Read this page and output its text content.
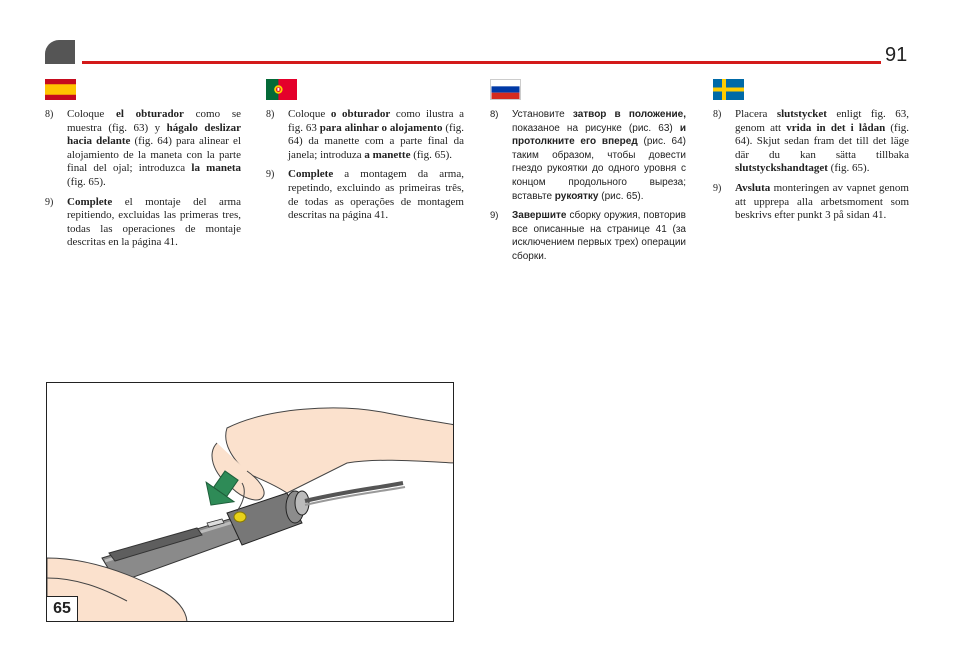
91
8) Coloque el obturador como se muestra (fig. 63) y hágalo deslizar hacia delante (fig. 64) para alinear el alojamiento de la maneta con la parte final del ojal; introduzca la maneta (fig. 65).
9) Complete el montaje del arma repitiendo, excluidas las primeras tres, todas las operaciones de montaje descritas en la página 41.
8) Coloque o obturador como ilustra a fig. 63 para alinhar o alojamento (fig. 64) da manette com a parte final da janela; introduza a manette (fig. 65).
9) Complete a montagem da arma, repetindo, excluindo as primeiras três, de todas as operações de montagem descritas na página 41.
8) Установите затвор в положение, показаное на рисунке (рис. 63) и протолкните его вперед (рис. 64) таким образом, чтобы довести гнездо рукоятки до одного уровня с концом продольного выреза; вставьте рукоятку (рис. 65).
9) Завершите сборку оружия, повторив все описанные на странице 41 (за исключением первых трех) операции сборки.
8) Placera slutstycket enligt fig. 63, genom att vrida in det i lådan (fig. 64). Skjut sedan fram det till det läge där du kan sätta tillbaka slutstyckshandtaget (fig. 65).
9) Avsluta monteringen av vapnet genom att upprepa alla arbetsmoment som beskrivs efter punkt 3 på sidan 41.
65
